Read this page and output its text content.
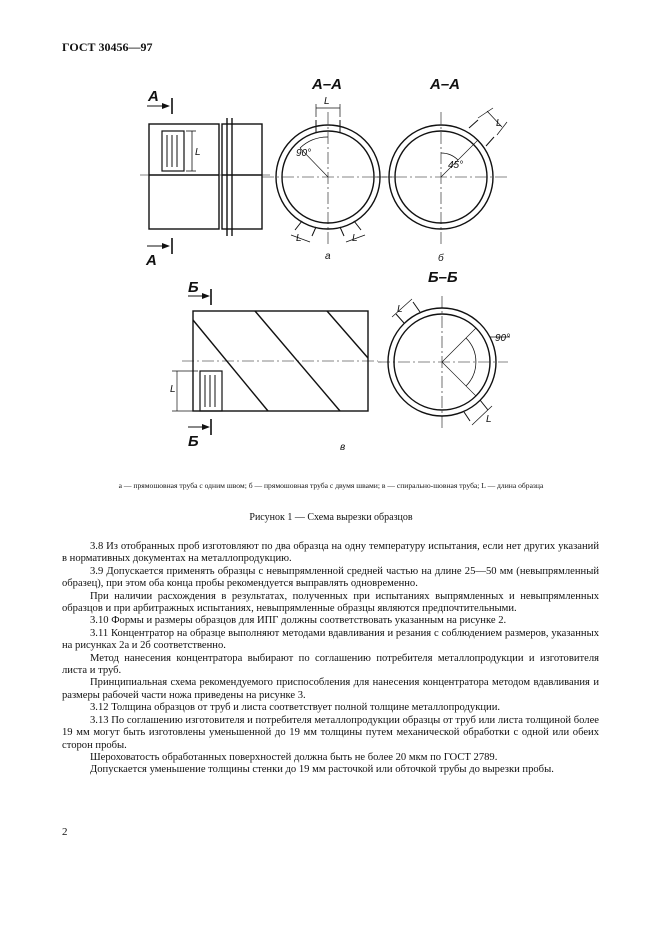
ГОСТ 30456—97
А
А
А–А	А–А
Б
Б
Б–Б
L
L
L	L
L
L
L
L
90°
45°
90°
а	б
в
а — прямошовная труба с одним швом; б — прямошовная труба с двумя швами; в — спирально-шовная труба; L — длина образца
Рисунок 1 — Схема вырезки образцов

3.8 Из отобранных проб изготовляют по два образца на одну температуру испытания, если нет других указаний в нормативных документах на металлопродукцию.

3.9 Допускается применять образцы с невыпрямленной средней частью на длине 25—50 мм (невыпрямленный образец), при этом оба конца пробы рекомендуется выправлять одновременно.

При наличии расхождения в результатах, полученных при испытаниях выпрямленных и невыпрямленных образцов и при арбитражных испытаниях, невыпрямленные образцы являются предпочтительными.

3.10 Формы и размеры образцов для ИПГ должны соответствовать указанным на рисунке 2.

3.11 Концентратор на образце выполняют методами вдавливания и резания с соблюдением размеров, указанных на рисунках 2а и 2б соответственно.

Метод нанесения концентратора выбирают по соглашению потребителя металлопродукции и изготовителя листа и труб.

Принципиальная схема рекомендуемого приспособления для нанесения концентратора методом вдавливания и размеры рабочей части ножа приведены на рисунке 3.

3.12 Толщина образцов от труб и листа соответствует полной толщине металлопродукции.

3.13 По соглашению изготовителя и потребителя металлопродукции образцы от труб или листа толщиной более 19 мм могут быть изготовлены уменьшенной до 19 мм толщины путем механической обработки с одной или обеих сторон пробы.

Шероховатость обработанных поверхностей должна быть не более 20 мкм по ГОСТ 2789.

Допускается уменьшение толщины стенки до 19 мм расточкой или обточкой трубы до вырезки пробы.

2
